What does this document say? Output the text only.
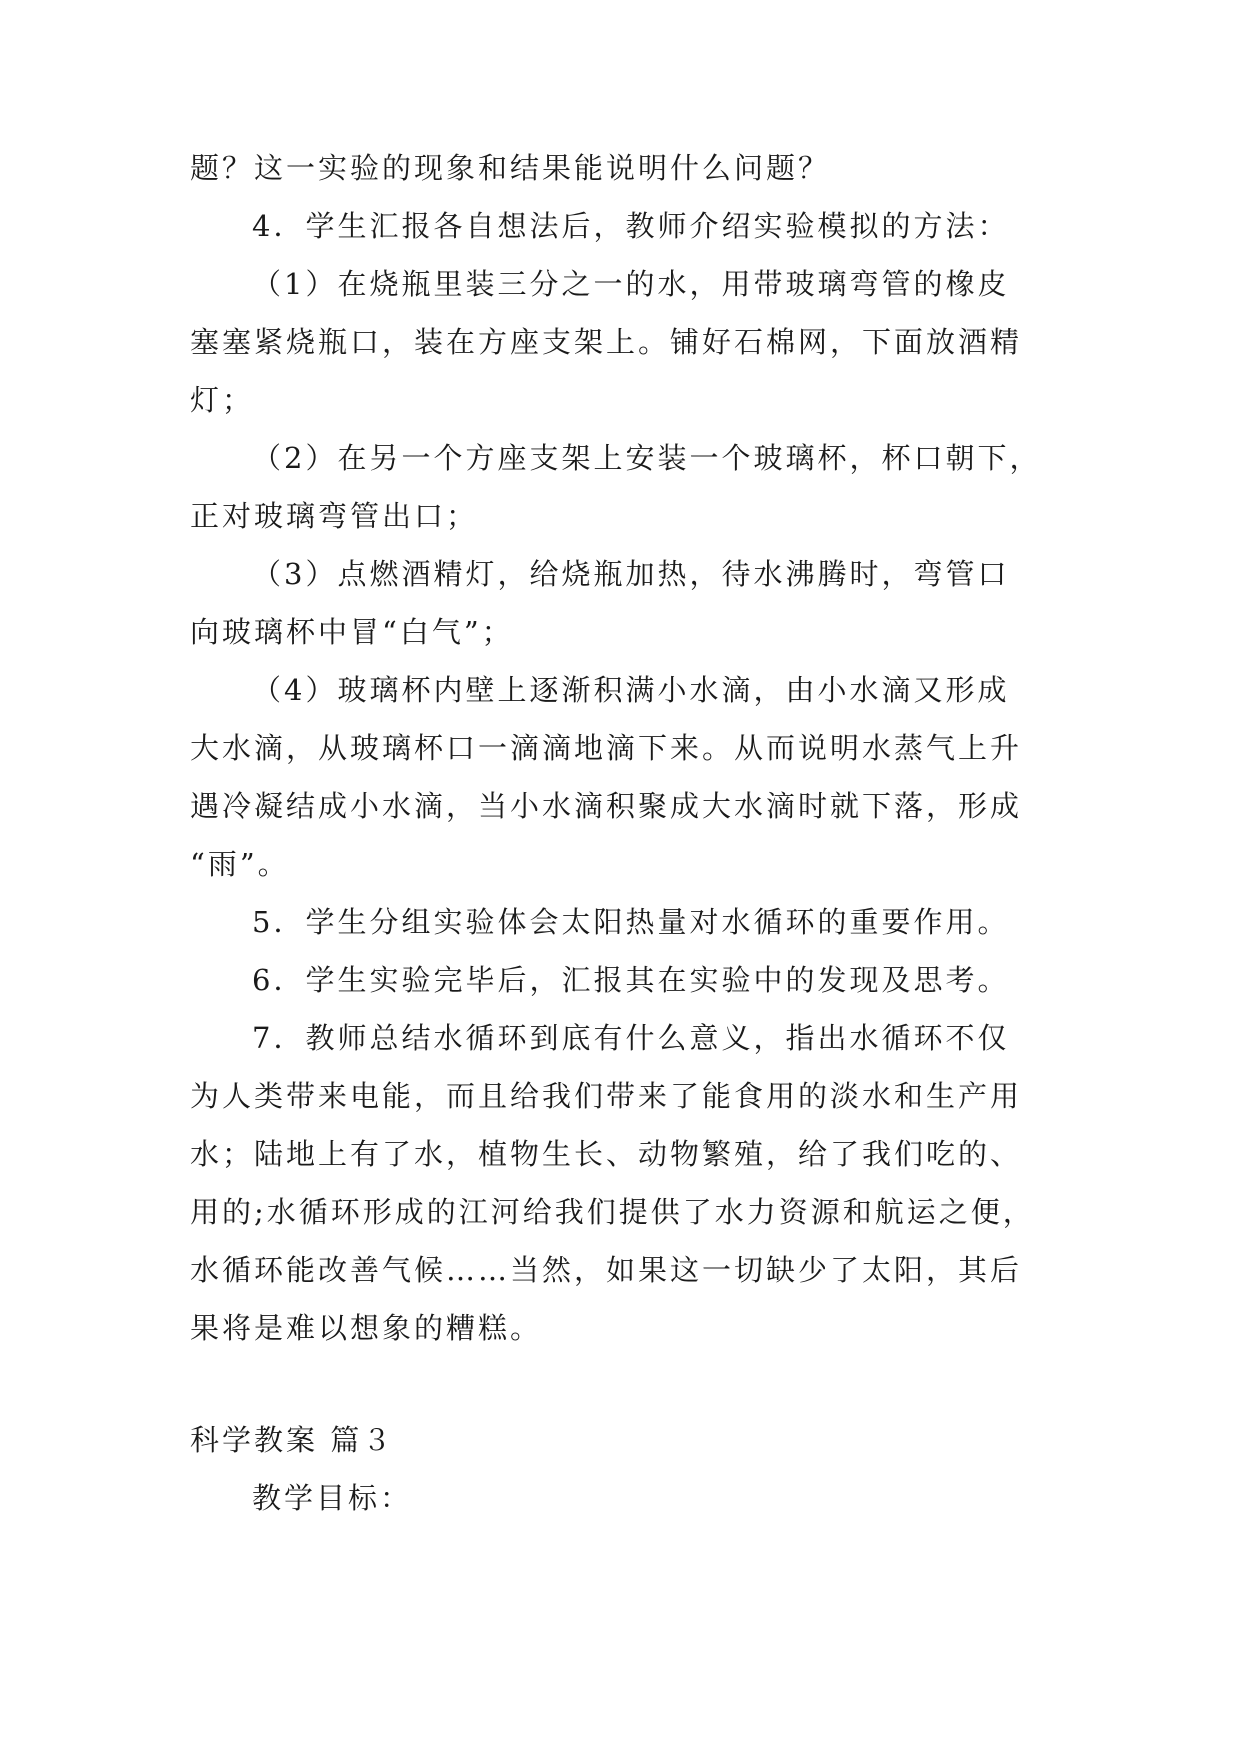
题？这一实验的现象和结果能说明什么问题？
4．学生汇报各自想法后，教师介绍实验模拟的方法：
（1）在烧瓶里装三分之一的水，用带玻璃弯管的橡皮
塞塞紧烧瓶口，装在方座支架上。铺好石棉网，下面放酒精
灯；
（2）在另一个方座支架上安装一个玻璃杯，杯口朝下，
正对玻璃弯管出口；
（3）点燃酒精灯，给烧瓶加热，待水沸腾时，弯管口
向玻璃杯中冒“白气”；
（4）玻璃杯内壁上逐渐积满小水滴，由小水滴又形成
大水滴，从玻璃杯口一滴滴地滴下来。从而说明水蒸气上升
遇冷凝结成小水滴，当小水滴积聚成大水滴时就下落，形成
“雨”。
5．学生分组实验体会太阳热量对水循环的重要作用。
6．学生实验完毕后，汇报其在实验中的发现及思考。
7．教师总结水循环到底有什么意义，指出水循环不仅
为人类带来电能，而且给我们带来了能食用的淡水和生产用
水；陆地上有了水，植物生长、动物繁殖，给了我们吃的、
用的;水循环形成的江河给我们提供了水力资源和航运之便，
水循环能改善气候……当然，如果这一切缺少了太阳，其后
果将是难以想象的糟糕。
科学教案 篇３
教学目标：
